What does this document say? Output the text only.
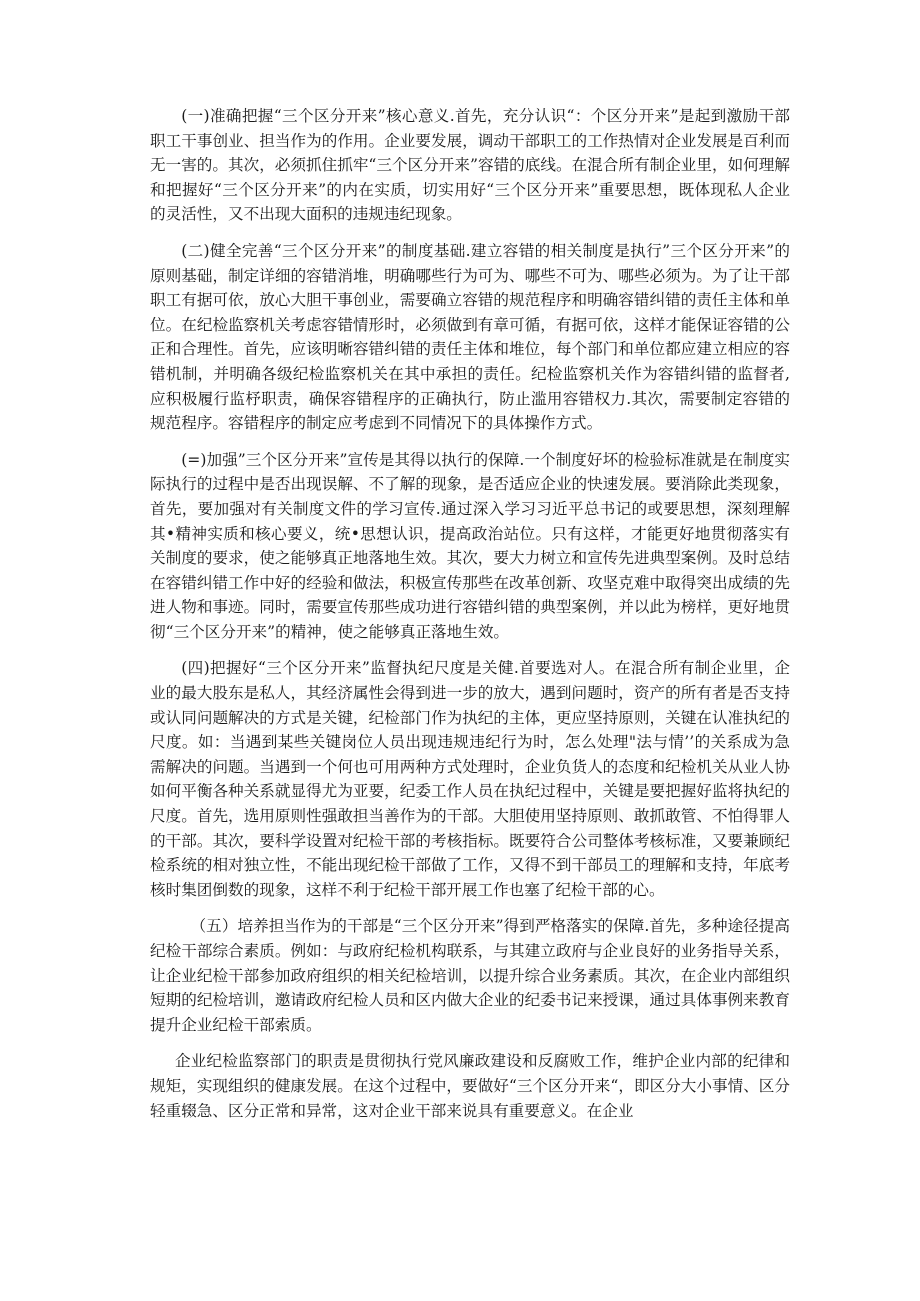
(一)准确把握“三个区分开来”核心意义.首先，充分认识“：个区分开来”是起到激励干部职工干事创业、担当作为的作用。企业要发展，调动干部职工的工作热情对企业发展是百利而无一害的。其次，必须抓住抓牢“三个区分开来”容错的底线。在混合所有制企业里，如何理解和把握好“三个区分开来”的内在实质，切实用好“三个区分开来”重要思想，既体现私人企业的灵活性，又不出现大面积的违规违纪现象。

(二)健全完善“三个区分开来”的制度基础.建立容错的相关制度是执行”三个区分开来”的原则基础，制定详细的容错消堆，明确哪些行为可为、哪些不可为、哪些必须为。为了让干部职工有据可依，放心大胆干事创业，需要确立容错的规范程序和明确容错纠错的责任主体和单位。在纪检监察机关考虑容错情形时，必须做到有章可循，有据可依，这样才能保证容错的公正和合理性。首先，应该明晰容错纠错的责任主体和堆位，每个部门和单位都应建立相应的容错机制，并明确各级纪检监察机关在其中承担的责任。纪检监察机关作为容错纠错的监督者,应积极履行监杼职责，确保容错程序的正确执行，防止滥用容错权力.其次，需要制定容错的规范程序。容错程序的制定应考虑到不同情况下的具体操作方式。

(=)加强”三个区分开来”宣传是其得以执行的保障.一个制度好坏的检验标准就是在制度实际执行的过程中是否出现误解、不了解的现象，是否适应企业的快速发展。要消除此类现象，首先，要加强对有关制度文件的学习宣传.通过深入学习习近平总书记的或要思想，深刻理解其•精神实质和核心要义，统•思想认识，提高政治站位。只有这样，才能更好地贯彻落实有关制度的要求，使之能够真正地落地生效。其次，要大力树立和宣传先进典型案例。及时总结在容错纠错工作中好的经验和做法，积极宣传那些在改革创新、攻坚克难中取得突出成绩的先进人物和事迹。同时，需要宣传那些成功进行容错纠错的典型案例，并以此为榜样，更好地贯彻“三个区分开来”的精神，使之能够真正落地生效。

(四)把握好“三个区分开来”监督执纪尺度是关健.首要选对人。在混合所有制企业里，企业的最大股东是私人，其经济属性会得到进一步的放大，遇到问题时，资产的所有者是否支持或认同问题解决的方式是关键，纪检部门作为执纪的主体，更应坚持原则，关键在认准执纪的尺度。如：当遇到某些关键岗位人员出现违规违纪行为时，怎么处理"法与情’’的关系成为急需解决的问题。当遇到一个何也可用两种方式处理时，企业负货人的态度和纪检机关从业人协如何平衡各种关系就显得尤为亚要，纪委工作人员在执纪过程中，关键是要把握好监将执纪的尺度。首先，选用原则性强敢担当善作为的干部。大胆使用坚持原则、敢抓敢管、不怕得罪人的干部。其次，要科学设置对纪检干部的考核指标。既要符合公司整体考核标准，又要兼顾纪检系统的相对独立性，不能出现纪检干部做了工作，又得不到干部员工的理解和支持，年底考核时集团倒数的现象，这样不利于纪检干部开展工作也塞了纪检干部的心。

（五）培养担当作为的干部是“三个区分开来”得到严格落实的保障.首先，多种途径提高纪检干部综合素质。例如：与政府纪检机构联系，与其建立政府与企业良好的业务指导关系，让企业纪检干部参加政府组织的相关纪检培训，以提升综合业务素质。其次，在企业内部组织短期的纪检培训，邀请政府纪检人员和区内做大企业的纪委书记来授课，通过具体事例来教育提升企业纪检干部索质。

企业纪检监察部门的职责是贯彻执行党风廉政建设和反腐败工作，维护企业内部的纪律和规矩，实现组织的健康发展。在这个过程中，要做好“三个区分开来“，即区分大小事情、区分轻重辍急、区分正常和异常，这对企业干部来说具有重要意义。在企业
